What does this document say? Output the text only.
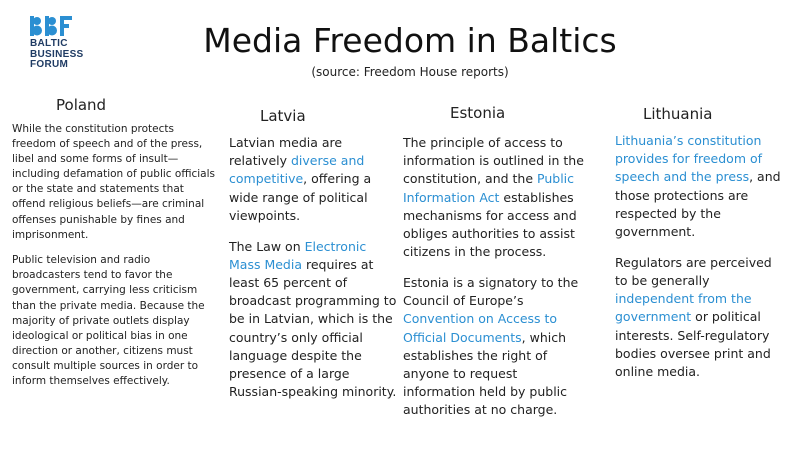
BALTIC
BUSINESS
FORUM
Media Freedom in Baltics
(source: Freedom House reports)
Poland
Latvia	Estonia	Lithuania

While the constitution protects freedom of speech and of the press, libel and some forms of insult—including defamation of public officials or the state and statements that offend religious beliefs—are criminal offenses punishable by fines and imprisonment.

Public television and radio broadcasters tend to favor the government, carrying less criticism than the private media. Because the majority of private outlets display ideological or political bias in one direction or another, citizens must consult multiple sources in order to inform themselves effectively.

Latvian media are relatively diverse and competitive, offering a wide range of political viewpoints.

The Law on Electronic Mass Media requires at least 65 percent of broadcast programming to be in Latvian, which is the country’s only official language despite the presence of a large Russian-speaking minority.

The principle of access to information is outlined in the constitution, and the Public Information Act establishes mechanisms for access and obliges authorities to assist citizens in the process.

Estonia is a signatory to the Council of Europe’s Convention on Access to Official Documents, which establishes the right of anyone to request information held by public authorities at no charge.

Lithuania’s constitution provides for freedom of speech and the press, and those protections are respected by the government.

Regulators are perceived to be generally independent from the government or political interests. Self-regulatory bodies oversee print and online media.
